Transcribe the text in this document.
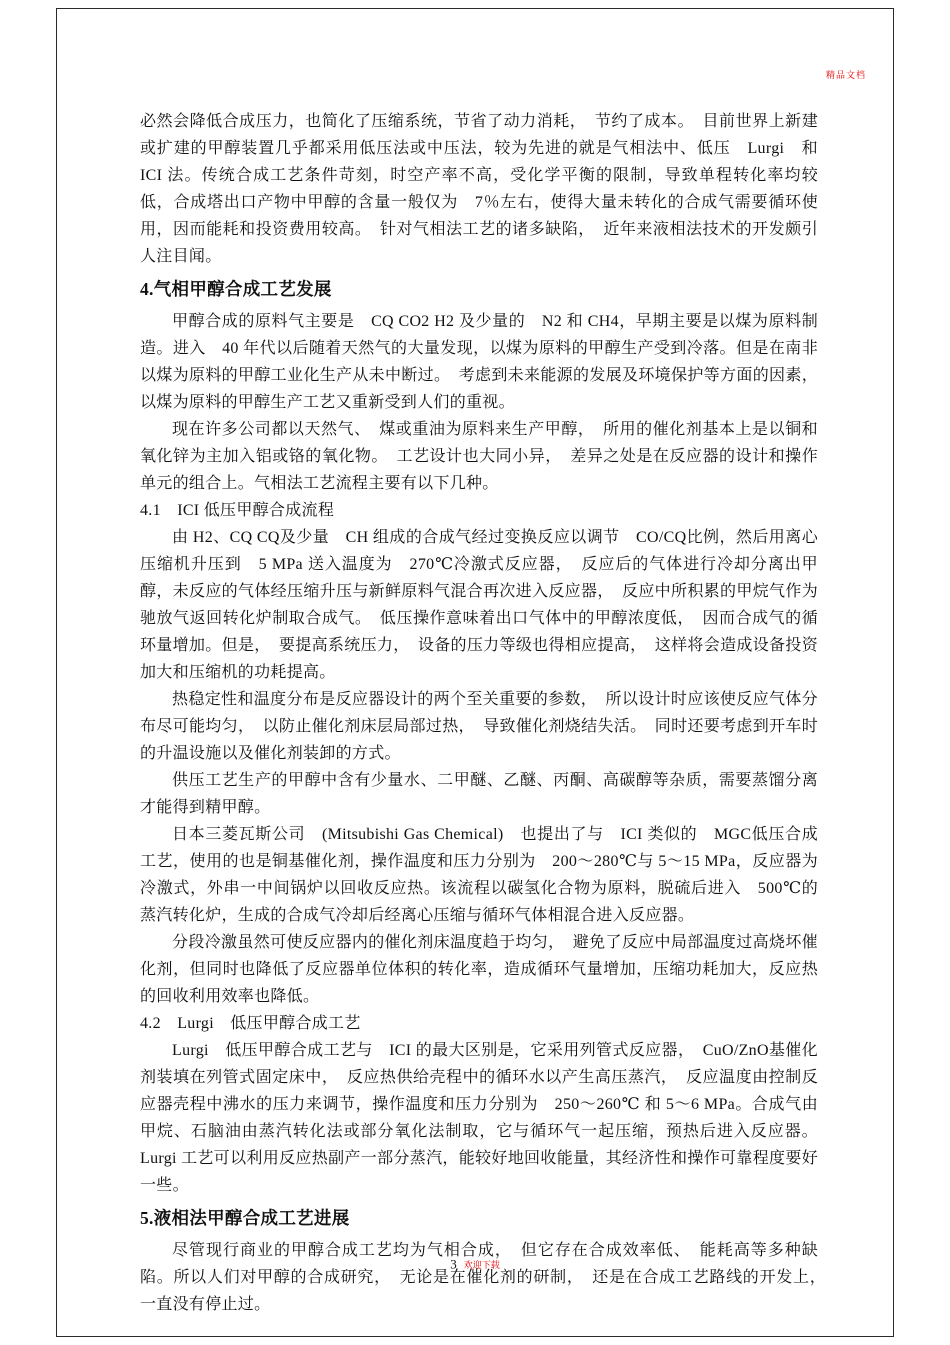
精品文档

必然会降低合成压力，也简化了压缩系统，节省了动力消耗，　节约了成本。　目前世界上新建或扩建的甲醇装置几乎都采用低压法或中压法，较为先进的就是气相法中、低压　Lurgi　和 ICI 法。传统合成工艺条件苛刻，时空产率不高，受化学平衡的限制，导致单程转化率均较低，合成塔出口产物中甲醇的含量一般仅为　7％左右，使得大量未转化的合成气需要循环使用，因而能耗和投资费用较高。　针对气相法工艺的诸多缺陷，　近年来液相法技术的开发颇引人注目闻。

4.气相甲醇合成工艺发展

甲醇合成的原料气主要是　CQ CO2 H2 及少量的　N2 和 CH4，早期主要是以煤为原料制造。进入　40 年代以后随着天然气的大量发现，以煤为原料的甲醇生产受到冷落。但是在南非以煤为原料的甲醇工业化生产从未中断过。　考虑到未来能源的发展及环境保护等方面的因素，以煤为原料的甲醇生产工艺又重新受到人们的重视。

现在许多公司都以天然气、　煤或重油为原料来生产甲醇，　所用的催化剂基本上是以铜和氧化锌为主加入铝或铬的氧化物。　工艺设计也大同小异，　差异之处是在反应器的设计和操作单元的组合上。气相法工艺流程主要有以下几种。

4.1　ICI 低压甲醇合成流程

由 H2、CQ CQ及少量　CH 组成的合成气经过变换反应以调节　CO/CQ比例，然后用离心压缩机升压到　5 MPa 送入温度为　270℃冷激式反应器，　反应后的气体进行冷却分离出甲醇，未反应的气体经压缩升压与新鲜原料气混合再次进入反应器，　反应中所积累的甲烷气作为驰放气返回转化炉制取合成气。　低压操作意味着出口气体中的甲醇浓度低，　因而合成气的循环量增加。但是，　要提高系统压力，　设备的压力等级也得相应提高，　这样将会造成设备投资加大和压缩机的功耗提高。

热稳定性和温度分布是反应器设计的两个至关重要的参数，　所以设计时应该使反应气体分布尽可能均匀，　以防止催化剂床层局部过热，　导致催化剂烧结失活。　同时还要考虑到开车时的升温设施以及催化剂装卸的方式。

供压工艺生产的甲醇中含有少量水、二甲醚、乙醚、丙酮、高碳醇等杂质，需要蒸馏分离才能得到精甲醇。

日本三菱瓦斯公司　(Mitsubishi Gas Chemical)　也提出了与　ICI 类似的　MGC低压合成工艺，使用的也是铜基催化剂，操作温度和压力分别为　200～280℃与 5～15 MPa，反应器为冷激式，外串一中间锅炉以回收反应热。该流程以碳氢化合物为原料，脱硫后进入　500℃的蒸汽转化炉，生成的合成气冷却后经离心压缩与循环气体相混合进入反应器。

分段冷激虽然可使反应器内的催化剂床温度趋于均匀，　避免了反应中局部温度过高烧坏催化剂，但同时也降低了反应器单位体积的转化率，造成循环气量增加，压缩功耗加大，反应热的回收利用效率也降低。

4.2　Lurgi　低压甲醇合成工艺

Lurgi　低压甲醇合成工艺与　ICI 的最大区别是，它采用列管式反应器，　CuO/ZnO基催化剂装填在列管式固定床中，　反应热供给壳程中的循环水以产生高压蒸汽，　反应温度由控制反应器壳程中沸水的压力来调节，操作温度和压力分别为　250～260℃ 和 5～6 MPa。合成气由甲烷、石脑油由蒸汽转化法或部分氧化法制取，它与循环气一起压缩，预热后进入反应器。Lurgi 工艺可以利用反应热副产一部分蒸汽，能较好地回收能量，其经济性和操作可靠程度要好一些。

5.液相法甲醇合成工艺进展

尽管现行商业的甲醇合成工艺均为气相合成，　但它存在合成效率低、　能耗高等多种缺陷。所以人们对甲醇的合成研究，　无论是在催化剂的研制，　还是在合成工艺路线的开发上，　一直没有停止过。

3 欢迎下载
